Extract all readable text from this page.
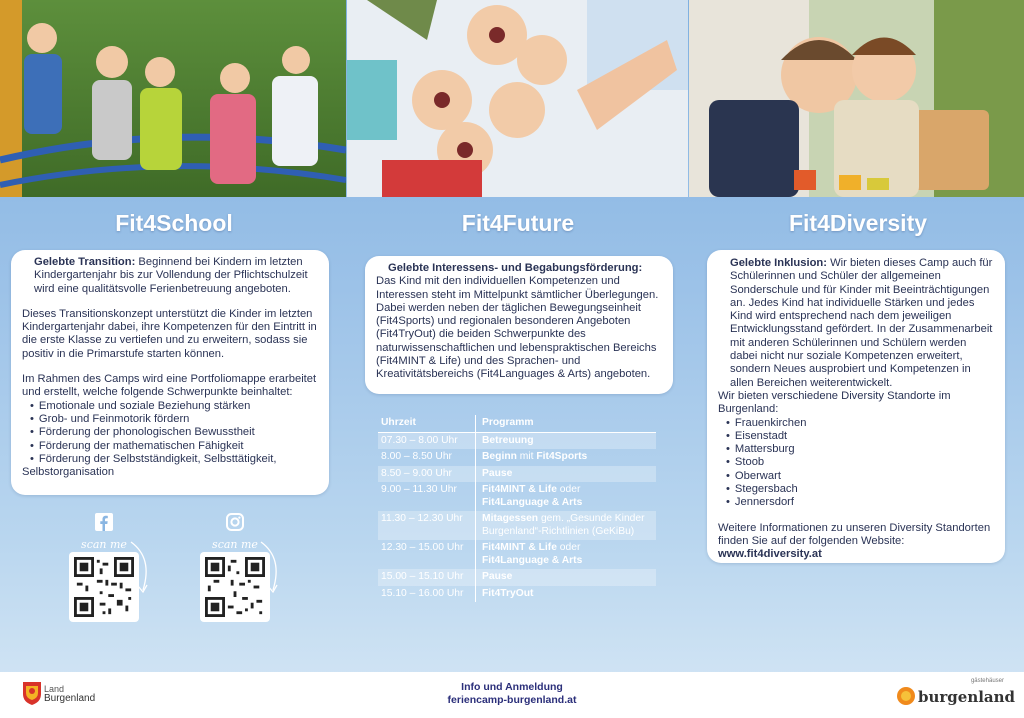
Fit4School	Fit4Future	Fit4Diversity

Gelebte Transition: Beginnend bei Kindern im letzten Kindergartenjahr bis zur Vollendung der Pflichtschulzeit wird eine qualitätsvolle Ferienbetreuung angeboten.

Dieses Transitionskonzept unterstützt die Kinder im letzten Kindergartenjahr dabei, ihre Kompetenzen für den Eintritt in die erste Klasse zu vertiefen und zu erweitern, sodass sie positiv in die Primarstufe starten können.

Im Rahmen des Camps wird eine Portfoliomappe erarbeitet und erstellt, welche folgende Schwerpunkte beinhaltet:

• Emotionale und soziale Beziehung stärken
• Grob- und Feinmotorik fördern
• Förderung der phonologischen Bewusstheit
• Förderung der mathematischen Fähigkeit
• Förderung der Selbstständigkeit, Selbsttätigkeit, Selbstorganisation

Gelebte Interessens- und Begabungsförderung:

Das Kind mit den individuellen Kompetenzen und Interessen steht im Mittelpunkt sämtlicher Überlegungen. Dabei werden neben der täglichen Bewegungseinheit (Fit4Sports) und regionalen besonderen Angeboten (Fit4TryOut) die beiden Schwerpunkte des naturwissenschaftlichen und lebenspraktischen Bereichs (Fit4MINT & Life) und des Sprachen- und Kreativitätsbereichs (Fit4Languages & Arts) angeboten.

Uhrzeit	Programm
07.30 – 8.00 Uhr	Betreuung
8.00 – 8.50 Uhr	Beginn mit Fit4Sports
8.50 – 9.00 Uhr	Pause
9.00 – 11.30 Uhr	Fit4MINT & Life oder
Fit4Language & Arts
11.30 – 12.30 Uhr	Mitagessen gem. „Gesunde Kinder Burgenland“-Richtlinien (GeKiBu)
12.30 – 15.00 Uhr	Fit4MINT & Life oder
Fit4Language & Arts
15.00 – 15.10 Uhr	Pause
15.10 – 16.00 Uhr	Fit4TryOut

Gelebte Inklusion: Wir bieten dieses Camp auch für Schülerinnen und Schüler der allgemeinen Sonderschule und für Kinder mit Beeinträchtigungen an. Jedes Kind hat individuelle Stärken und jedes Kind wird entsprechend nach dem jeweiligen Entwicklungsstand gefördert. In der Zusammenarbeit mit anderen Schülerinnen und Schülern werden dabei nicht nur soziale Kompetenzen erweitert, sondern Neues ausprobiert und Kompetenzen in allen Bereichen weiterentwickelt.

Wir bieten verschiedene Diversity Standorte im Burgenland:

• Frauenkirchen
• Eisenstadt
• Mattersburg
• Stoob
• Oberwart
• Stegersbach
• Jennersdorf

Weitere Informationen zu unseren Diversity Standorten finden Sie auf der folgenden Website:

www.fit4diversity.at

scan me	scan me
Land
Burgenland
Info und Anmeldung
feriencamp-burgenland.at
gästehäuser
burgenland
